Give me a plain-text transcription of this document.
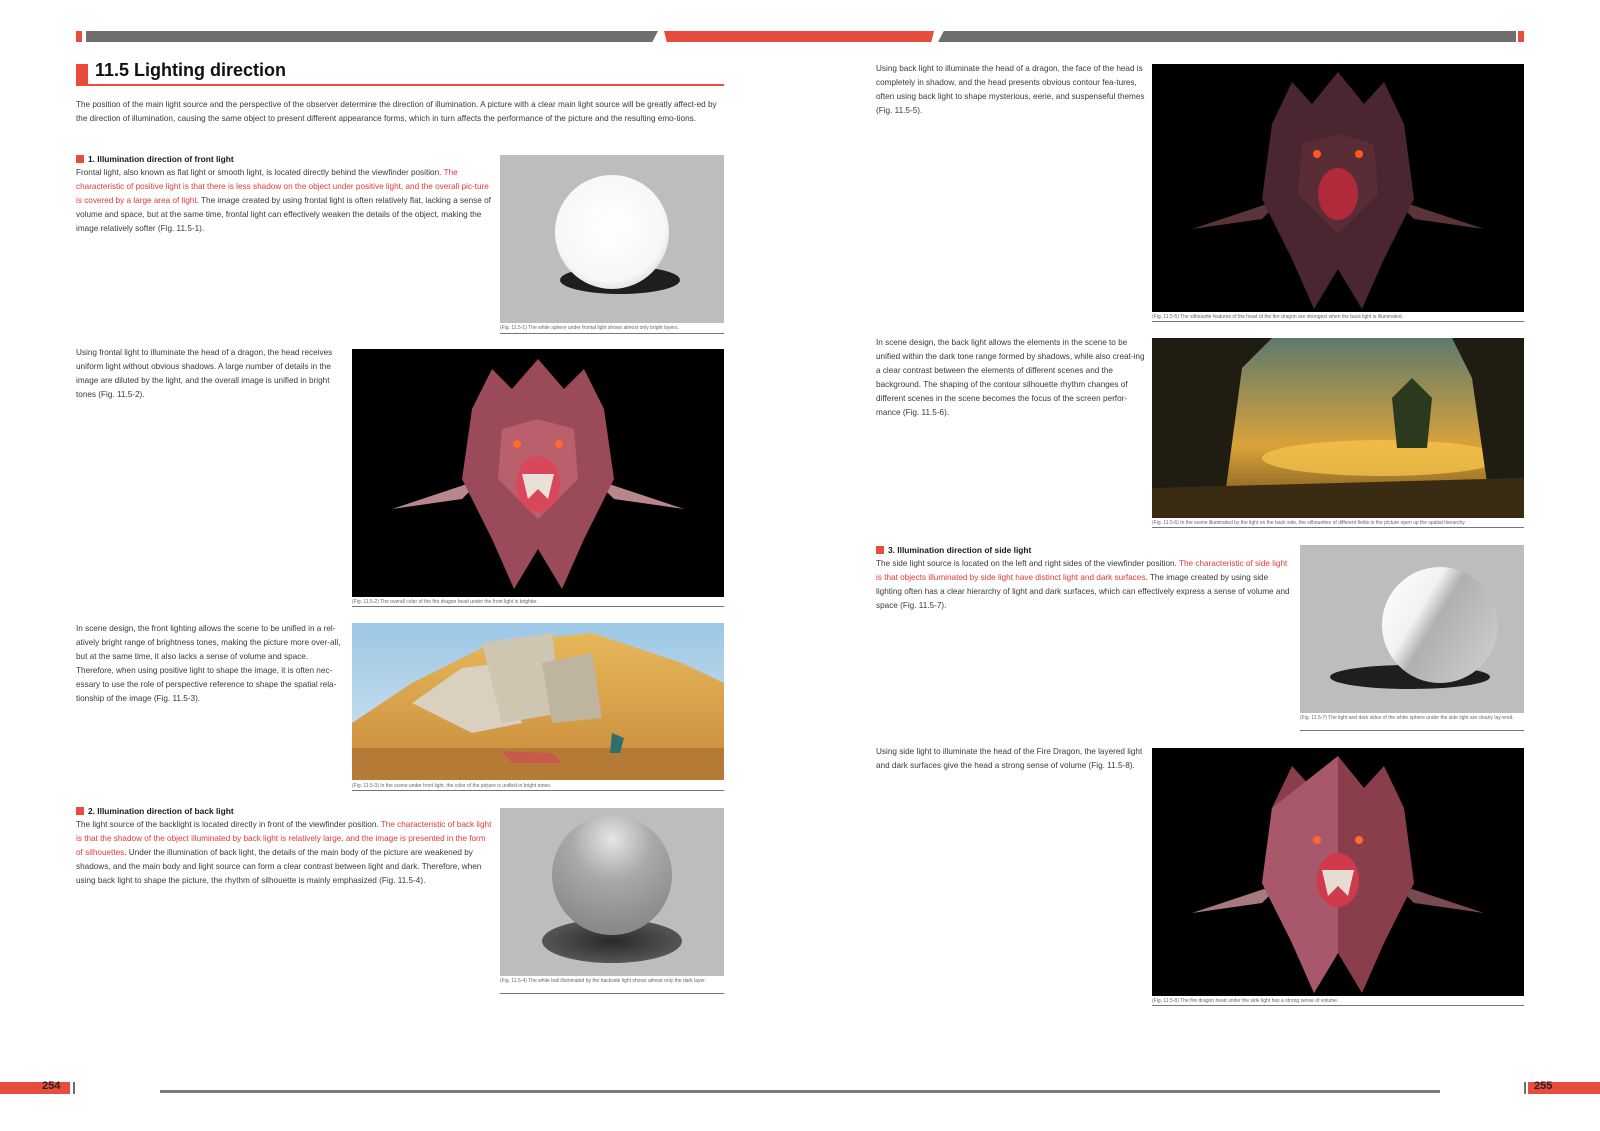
11.5 Lighting direction

The position of the main light source and the perspective of the observer determine the direction of illumination. A picture with a clear main light source will be greatly affect-ed by the direction of illumination, causing the same object to present different appearance forms, which in turn affects the performance of the picture and the resulting emo-tions.

1. Illumination direction of front light

Frontal light, also known as flat light or smooth light, is located directly behind the viewfinder position. The characteristic of positive light is that there is less shadow on the object under positive light, and the overall pic-ture is covered by a large area of light. The image created by using frontal light is often relatively flat, lacking a sense of volume and space, but at the same time, frontal light can effectively weaken the details of the object, making the image relatively softer (Fig. 11.5-1).

(Fig. 11.5-1) The white sphere under frontal light shows almost only bright layers.

Using frontal light to illuminate the head of a dragon, the head receives uniform light without obvious shadows. A large number of details in the image are diluted by the light, and the overall image is unified in bright tones (Fig. 11.5-2).

(Fig. 11.5-2) The overall color of the fire dragon head under the front light is brighter.

In scene design, the front lighting allows the scene to be unified in a rel-atively bright range of brightness tones, making the picture more over-all, but at the same time, it also lacks a sense of volume and space. Therefore, when using positive light to shape the image, it is often nec-essary to use the role of perspective reference to shape the spatial rela-tionship of the image (Fig. 11.5-3).

(Fig. 11.5-3) In the scene under front light, the color of the picture is unified in bright tones.
2. Illumination direction of back light

The light source of the backlight is located directly in front of the viewfinder position. The characteristic of back light is that the shadow of the object illuminated by back light is relatively large, and the image is presented in the form of silhouettes. Under the illumination of back light, the details of the main body of the picture are weakened by shadows, and the main body and light source can form a clear contrast between light and dark. Therefore, when using back light to shape the picture, the rhythm of silhouette is mainly emphasized (Fig. 11.5-4).

(Fig. 11.5-4) The white ball illuminated by the backside light shows almost only the dark layer.

Using back light to illuminate the head of a dragon, the face of the head is completely in shadow, and the head presents obvious contour fea-tures, often using back light to shape mysterious, eerie, and suspenseful themes (Fig. 11.5-5).

(Fig. 11.5-5) The silhouette features of the head of the fire dragon are strongest when the back light is illuminated.

In scene design, the back light allows the elements in the scene to be unified within the dark tone range formed by shadows, while also creat-ing a clear contrast between the elements of different scenes and the background. The shaping of the contour silhouette rhythm changes of different scenes in the scene becomes the focus of the screen perfor-mance (Fig. 11.5-6).

(Fig. 11.5-6) In the scene illuminated by the light on the back side, the silhouettes of different fields in the picture open up the spatial hierarchy.
3. Illumination direction of side light

The side light source is located on the left and right sides of the viewfinder position. The characteristic of side light is that objects illuminated by side light have distinct light and dark surfaces. The image created by using side lighting often has a clear hierarchy of light and dark surfaces, which can effectively express a sense of volume and space (Fig. 11.5-7).

(Fig. 11.5-7) The light and dark sides of the white sphere under the side light are clearly lay-ered.

Using side light to illuminate the head of the Fire Dragon, the layered light and dark surfaces give the head a strong sense of volume (Fig. 11.5-8).

(Fig. 11.5-8) The fire dragon head under the side light has a strong sense of volume.
254	255
